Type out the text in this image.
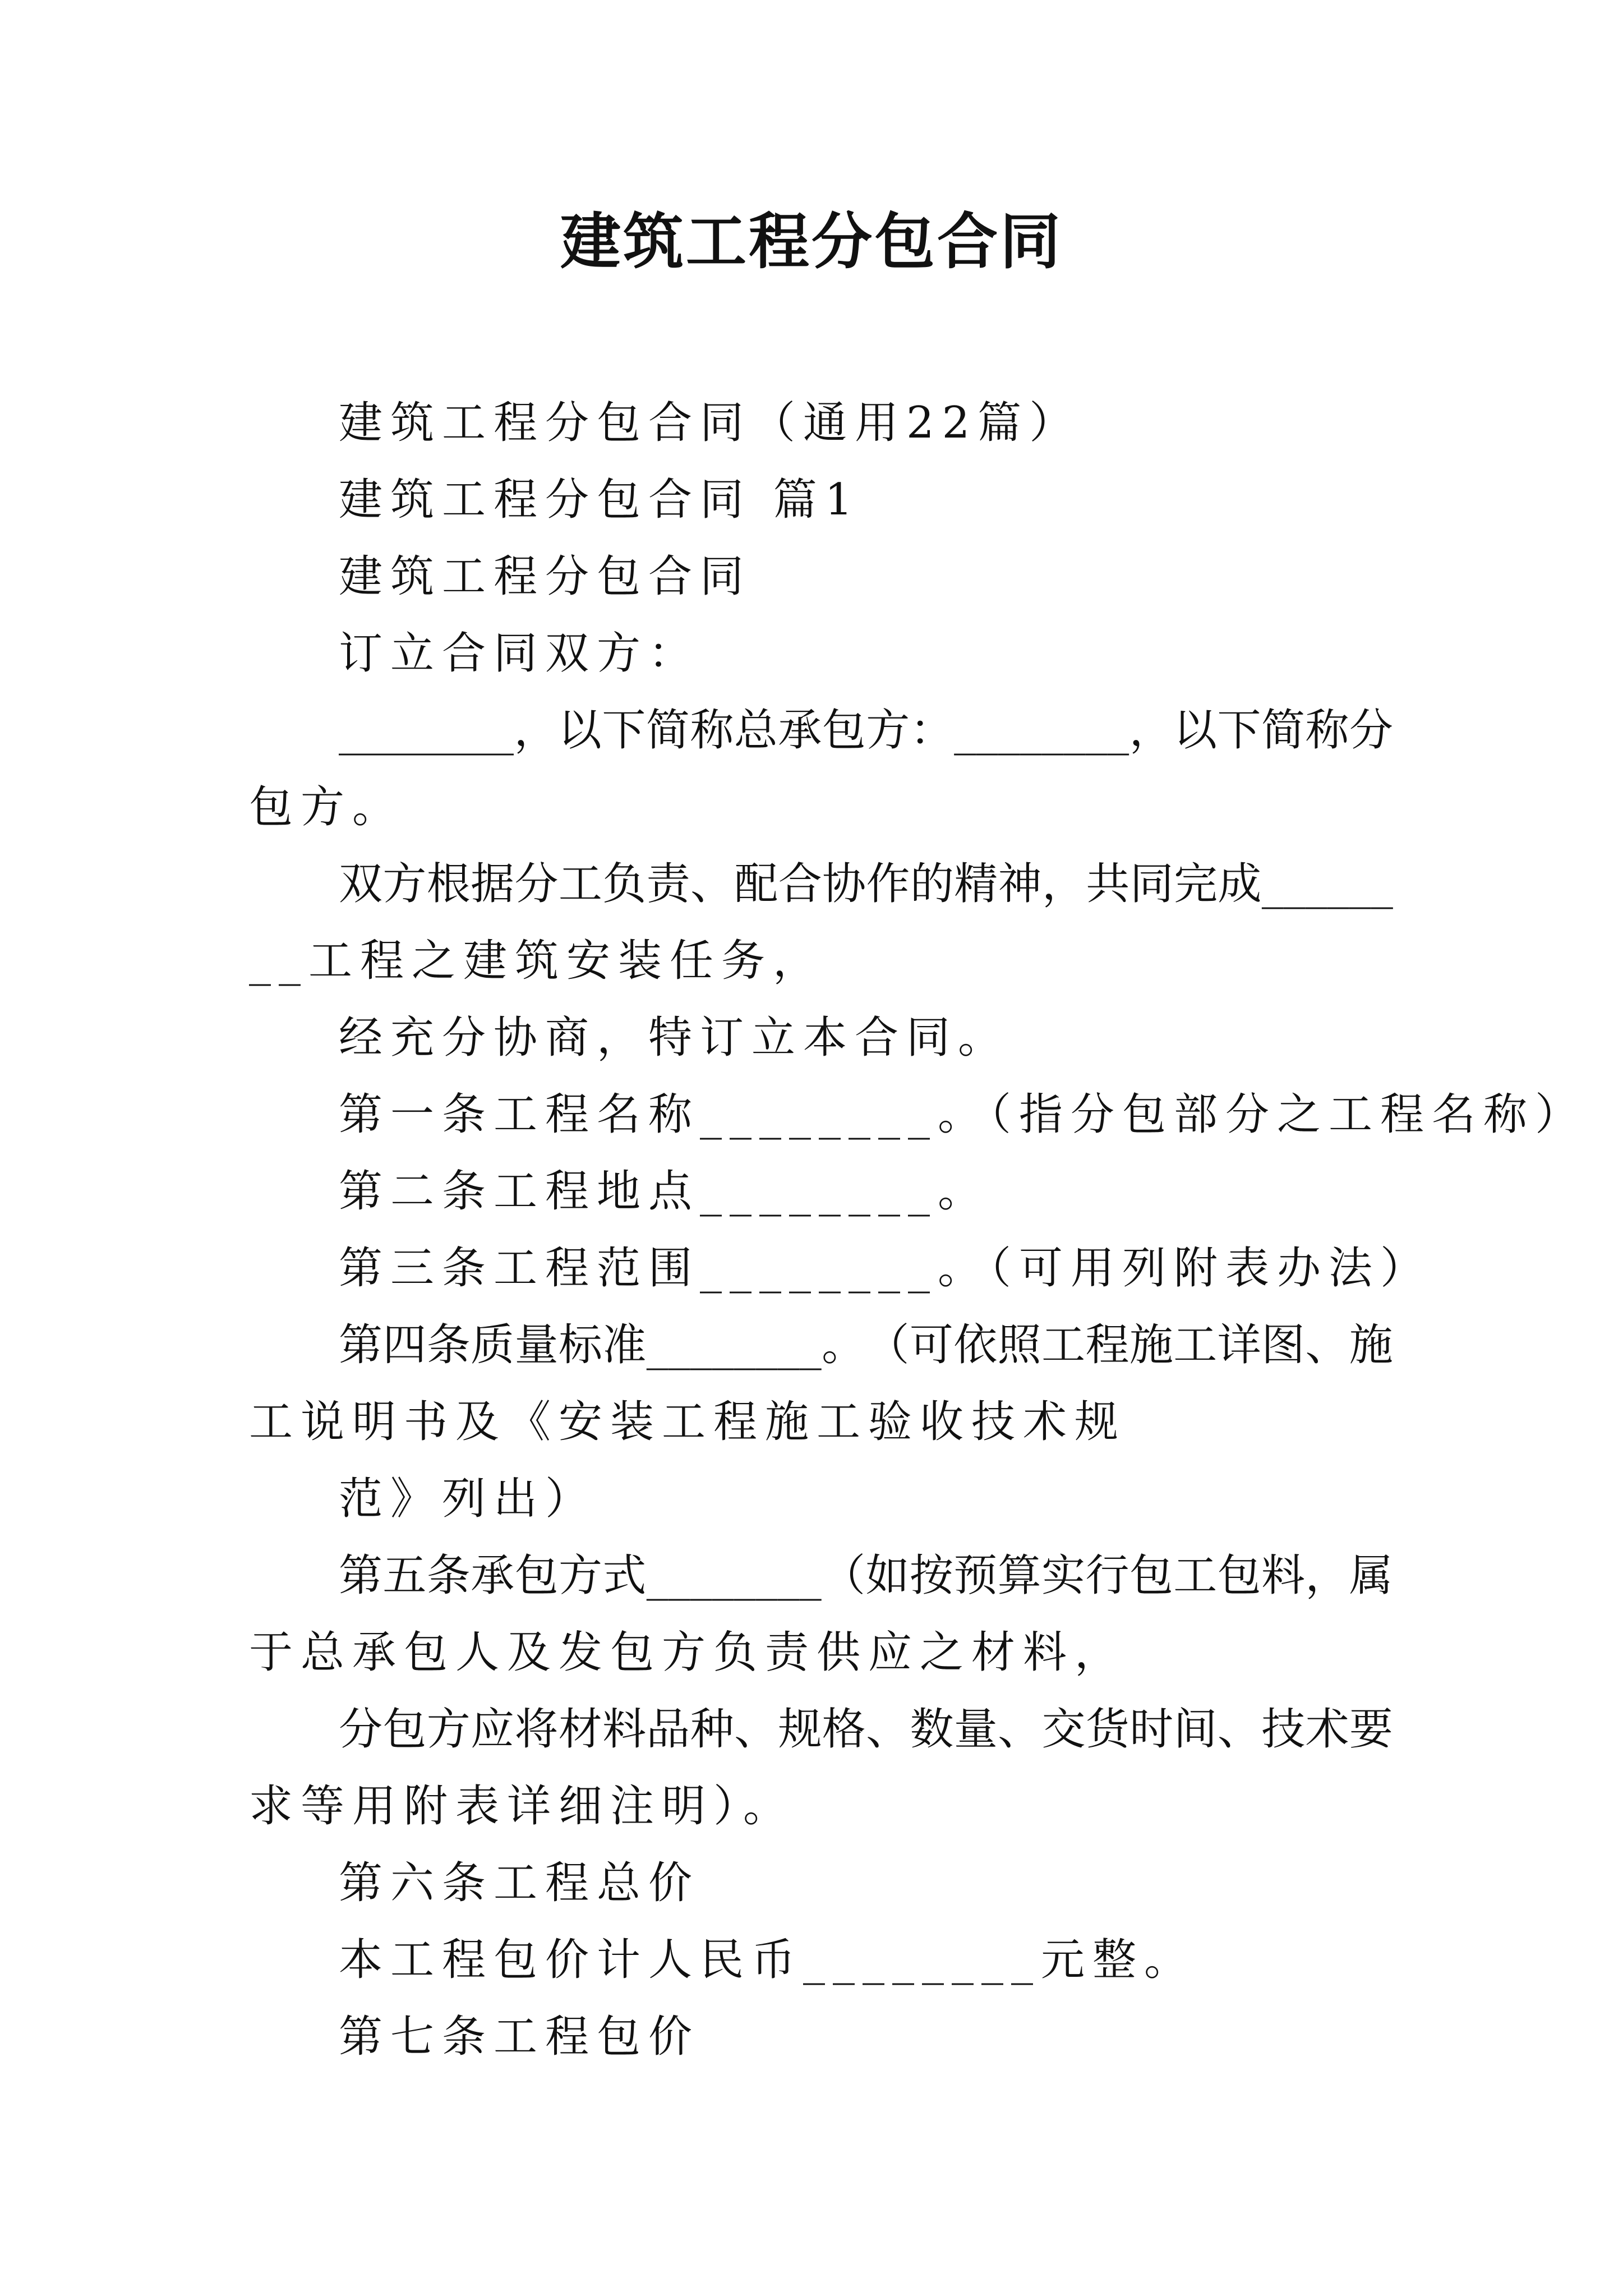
建筑工程分包合同
建筑工程分包合同（通用22篇）
建筑工程分包合同 篇1
建筑工程分包合同
订立合同双方：
________ ， 以 下 简 称 总 承 包 方 ： ________ ， 以 下 简 称 分
包方。
双 方 根 据 分 工 负 责 、 配 合 协 作 的 精 神 ， 共 同 完 成 ______
__工程之建筑安装任务，
经充分协商，特订立本合同。
第一条工程名称________。（指分包部分之工程名称）
第二条工程地点________。
第三条工程范围________。（可用列附表办法）
第 四 条 质 量 标 准 ________ 。 （ 可 依 照 工 程 施 工 详 图 、 施
工说明书及《安装工程施工验收技术规
范》列出）
第 五 条 承 包 方 式 ________ （ 如 按 预 算 实 行 包 工 包 料 ， 属
于总承包人及发包方负责供应之材料，
分 包 方 应 将 材 料 品 种 、 规 格 、 数 量 、 交 货 时 间 、 技 术 要
求等用附表详细注明）。
第六条工程总价
本工程包价计人民币________元整。
第七条工程包价
